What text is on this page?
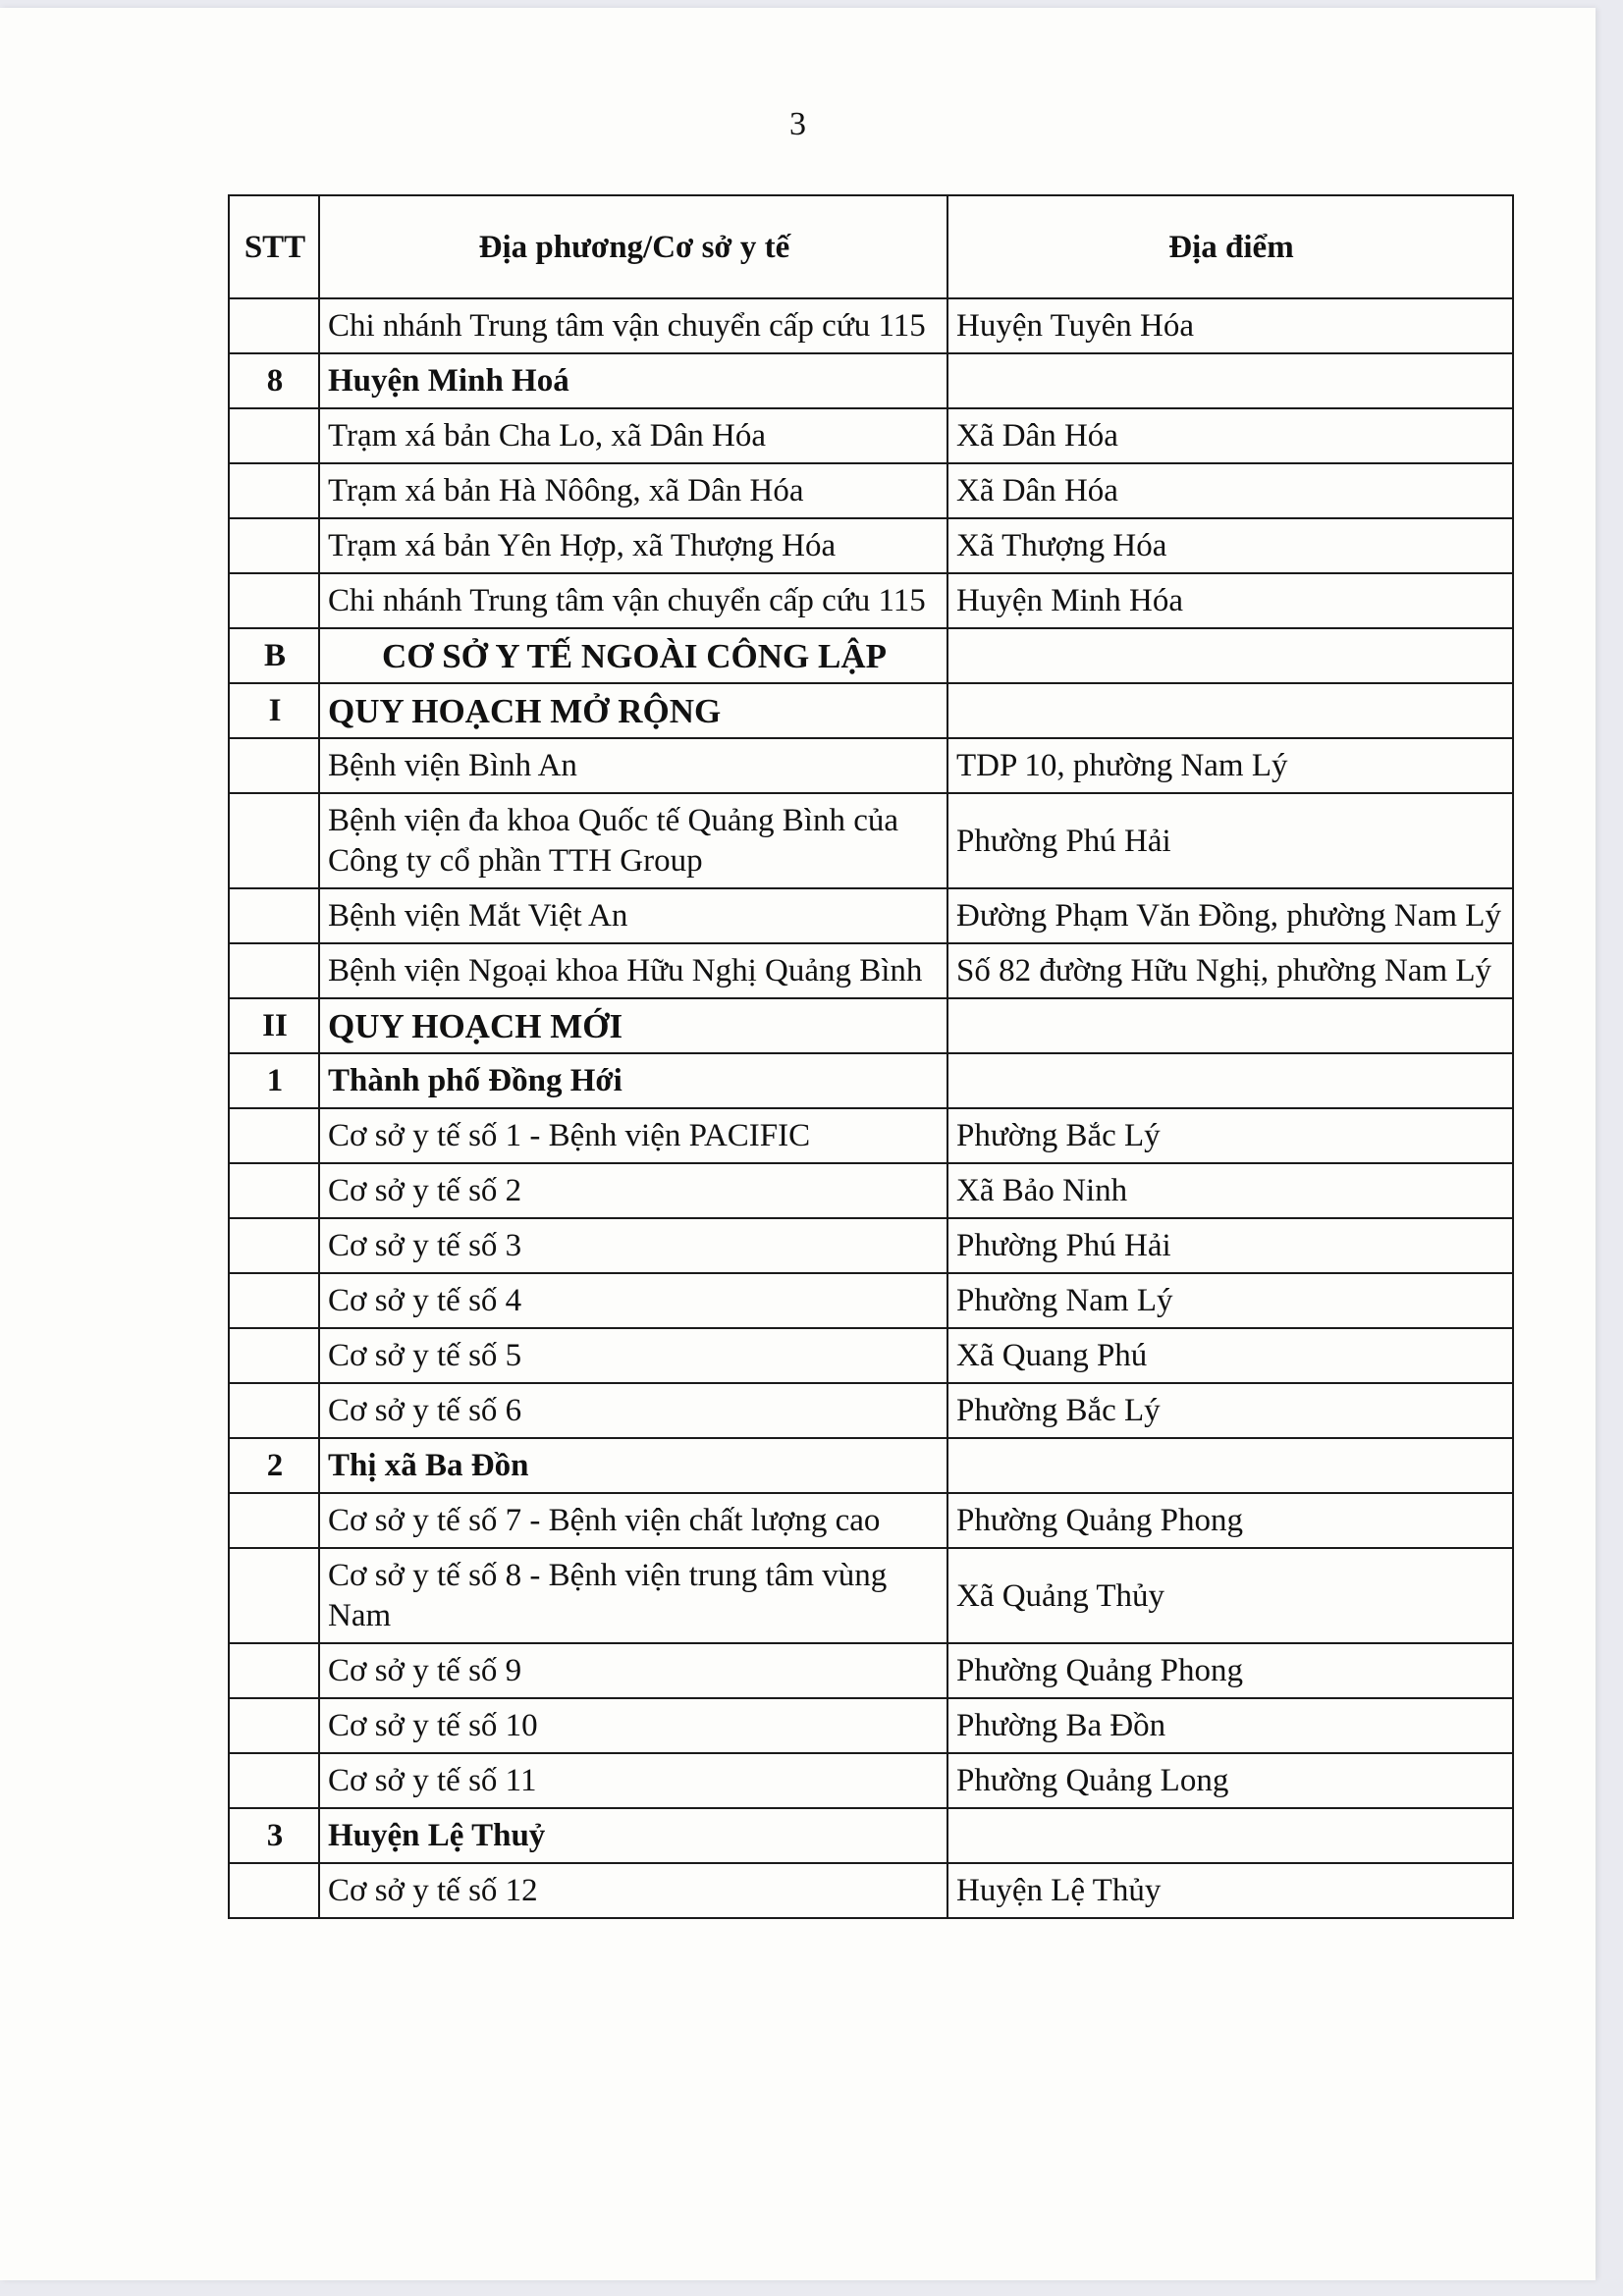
3
STT	Địa phương/Cơ sở y tế	Địa điểm
	Chi nhánh Trung tâm vận chuyển cấp cứu 115	Huyện Tuyên Hóa
8	Huyện Minh Hoá	
	Trạm xá bản Cha Lo, xã Dân Hóa	Xã Dân Hóa
	Trạm xá bản Hà Nôông, xã Dân Hóa	Xã Dân Hóa
	Trạm xá bản Yên Hợp, xã Thượng Hóa	Xã Thượng Hóa
	Chi nhánh Trung tâm vận chuyển cấp cứu 115	Huyện Minh Hóa
B	CƠ SỞ Y TẾ NGOÀI CÔNG LẬP	
I	QUY HOẠCH MỞ RỘNG	
	Bệnh viện Bình An	TDP 10, phường Nam Lý
	Bệnh viện đa khoa Quốc tế Quảng Bình của Công ty cổ phần TTH Group	Phường Phú Hải
	Bệnh viện Mắt Việt An	Đường Phạm Văn Đồng, phường Nam Lý
	Bệnh viện Ngoại khoa Hữu Nghị Quảng Bình	Số 82 đường Hữu Nghị, phường Nam Lý
II	QUY HOẠCH MỚI	
1	Thành phố Đồng Hới	
	Cơ sở y tế số 1 - Bệnh viện PACIFIC	Phường Bắc Lý
	Cơ sở y tế số 2	Xã Bảo Ninh
	Cơ sở y tế số 3	Phường Phú Hải
	Cơ sở y tế số 4	Phường Nam Lý
	Cơ sở y tế số 5	Xã Quang Phú
	Cơ sở y tế số 6	Phường Bắc Lý
2	Thị xã Ba Đồn	
	Cơ sở y tế số 7 - Bệnh viện chất lượng cao	Phường Quảng Phong
	Cơ sở y tế số 8 - Bệnh viện trung tâm vùng Nam	Xã Quảng Thủy
	Cơ sở y tế số 9	Phường Quảng Phong
	Cơ sở y tế số 10	Phường Ba Đồn
	Cơ sở y tế số 11	Phường Quảng Long
3	Huyện Lệ Thuỷ	
	Cơ sở y tế số 12	Huyện Lệ Thủy
